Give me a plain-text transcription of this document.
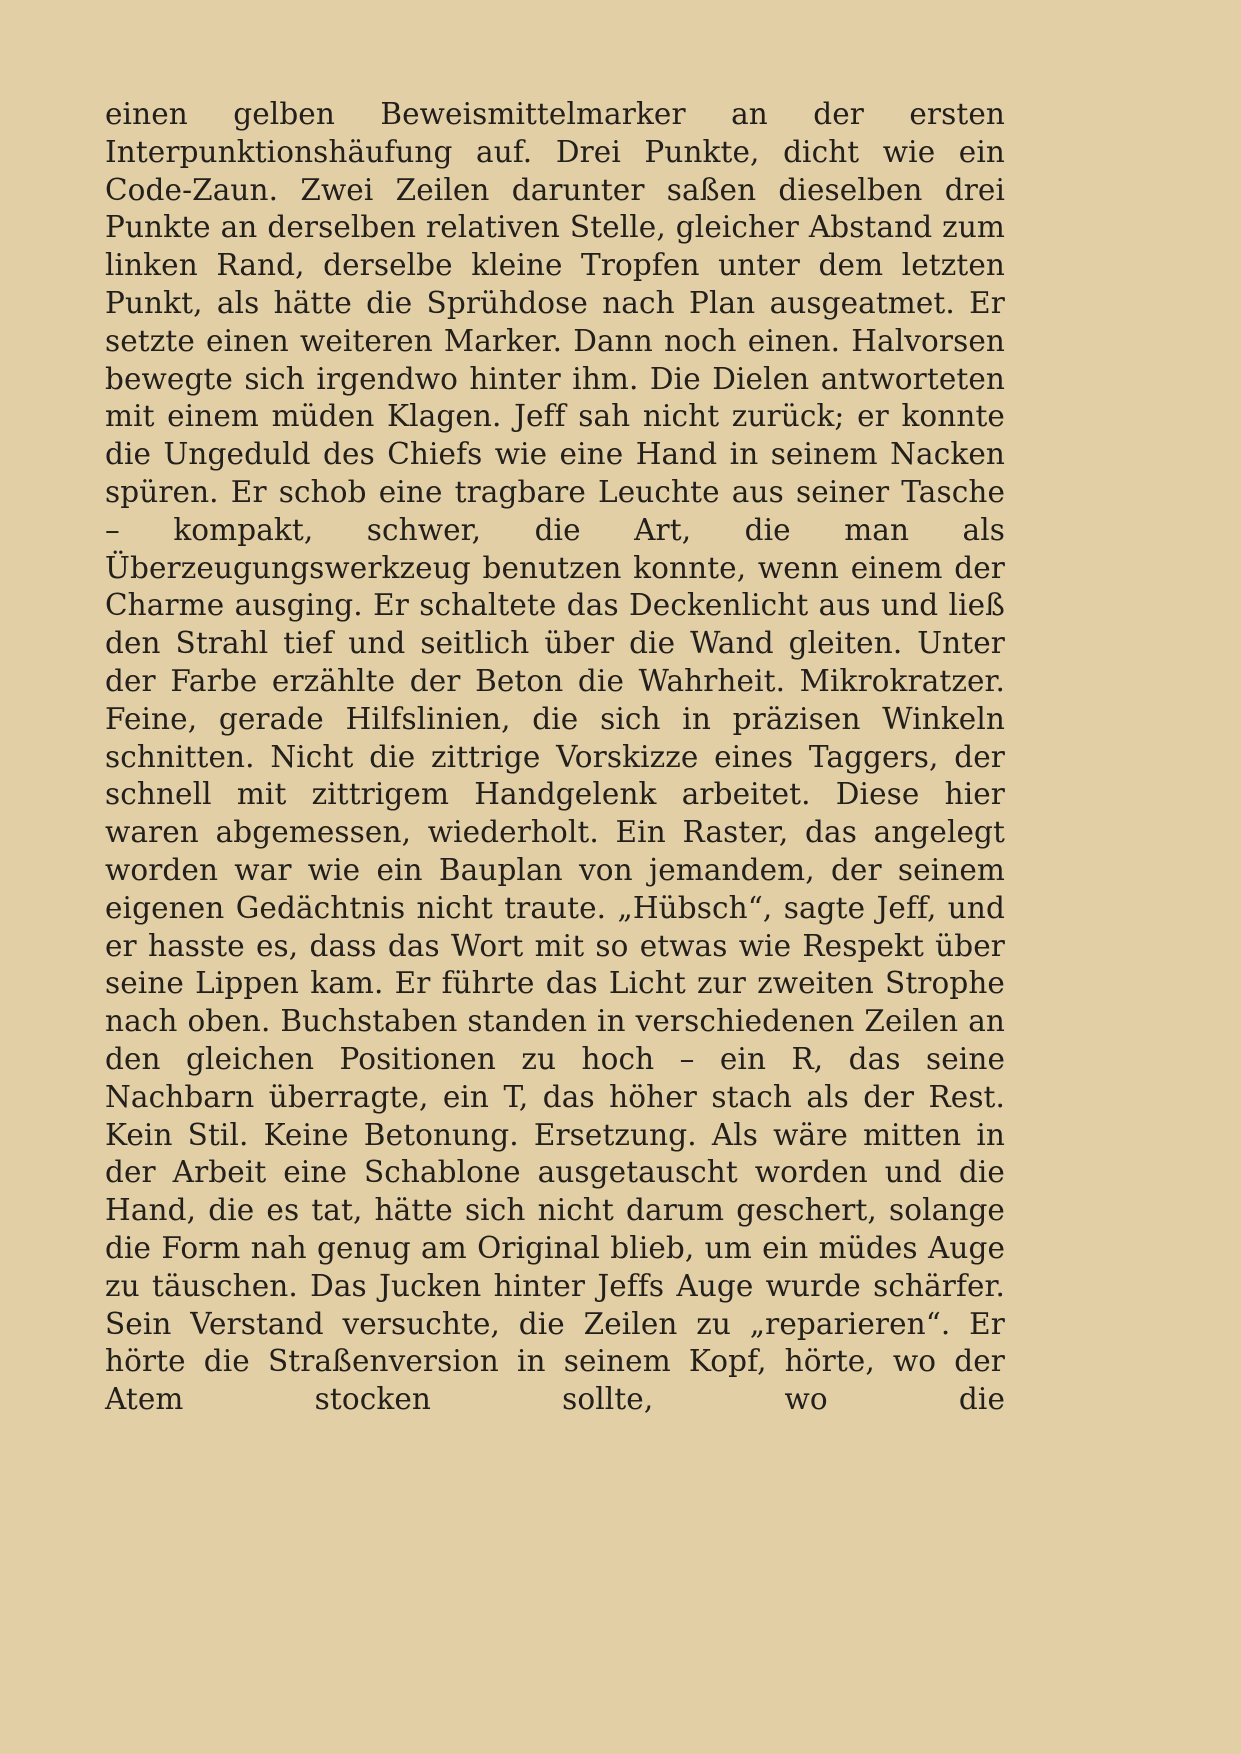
einen gelben Beweismittelmarker an der ersten Interpunktionshäufung auf. Drei Punkte, dicht wie ein Code-Zaun. Zwei Zeilen darunter saßen dieselben drei Punkte an derselben relativen Stelle, gleicher Abstand zum linken Rand, derselbe kleine Tropfen unter dem letzten Punkt, als hätte die Sprühdose nach Plan ausgeatmet. Er setzte einen weiteren Marker. Dann noch einen. Halvorsen bewegte sich irgendwo hinter ihm. Die Dielen antworteten mit einem müden Klagen. Jeff sah nicht zurück; er konnte die Ungeduld des Chiefs wie eine Hand in seinem Nacken spüren. Er schob eine tragbare Leuchte aus seiner Tasche – kompakt, schwer, die Art, die man als Überzeugungswerkzeug benutzen konnte, wenn einem der Charme ausging. Er schaltete das Deckenlicht aus und ließ den Strahl tief und seitlich über die Wand gleiten. Unter der Farbe erzählte der Beton die Wahrheit. Mikrokratzer. Feine, gerade Hilfslinien, die sich in präzisen Winkeln schnitten. Nicht die zittrige Vorskizze eines Taggers, der schnell mit zittrigem Handgelenk arbeitet. Diese hier waren abgemessen, wiederholt. Ein Raster, das angelegt worden war wie ein Bauplan von jemandem, der seinem eigenen Gedächtnis nicht traute. „Hübsch“, sagte Jeff, und er hasste es, dass das Wort mit so etwas wie Respekt über seine Lippen kam. Er führte das Licht zur zweiten Strophe nach oben. Buchstaben standen in verschiedenen Zeilen an den gleichen Positionen zu hoch – ein R, das seine Nachbarn überragte, ein T, das höher stach als der Rest. Kein Stil. Keine Betonung. Ersetzung. Als wäre mitten in der Arbeit eine Schablone ausgetauscht worden und die Hand, die es tat, hätte sich nicht darum geschert, solange die Form nah genug am Original blieb, um ein müdes Auge zu täuschen. Das Jucken hinter Jeffs Auge wurde schärfer. Sein Verstand versuchte, die Zeilen zu „reparieren“. Er hörte die Straßenversion in seinem Kopf, hörte, wo der Atem stocken sollte, wo die
